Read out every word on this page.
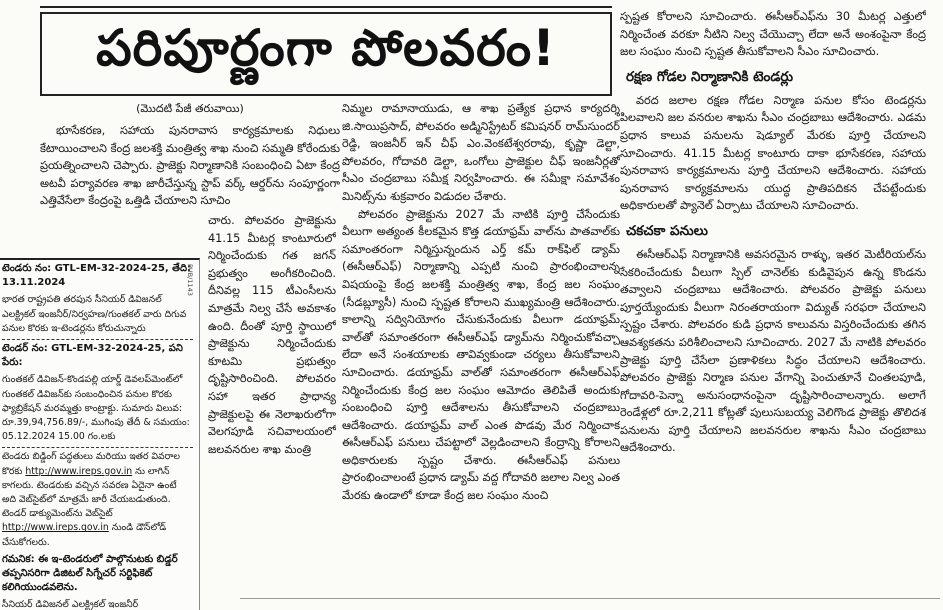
పరిపూర్ణంగా పోలవరం!
(మొదటి పేజీ తరువాయి)

భూసేకరణ, సహాయ పునరావాస కార్యక్రమాలకు నిధులు కేటాయించాలని కేంద్ర జలశక్తి మంత్రిత్వ శాఖ నుంచి సమ్మతి కోరేందుకు ప్రయత్నించాలని చెప్పారు. ప్రాజెక్టు నిర్మాణానికి సంబంధించి ఏటా కేంద్ర అటవీ పర్యావరణ శాఖ జారీచేస్తున్న స్టాప్ వర్క్ ఆర్డర్‌ను సంపూర్ణంగా ఎత్తివేసేలా కేంద్రంపై ఒత్తిడి చేయాలని సూచిం

చారు. పోలవరం ప్రాజెక్టును 41.15 మీటర్ల కాంటూరులో నిర్మించేందుకు గత జగన్ ప్రభుత్వం అంగీకరించింది. దీనివల్ల 115 టీఎంసీలను మాత్రమే నిల్వ చేసే అవకాశం ఉంది. దీంతో పూర్తి స్థాయిలో ప్రాజెక్టును నిర్మించేందుకు కూటమి ప్రభుత్వం దృష్టిసారించింది. పోలవరం సహా ఇతర ప్రాధాన్య ప్రాజెక్టులపై ఈ నెలాఖరులోగా వెలగపూడి సచివాలయంలో జలవనరుల శాఖ మంత్రి

PUB/1143

టెండరు నం: GTL-EM-32-2024-25, తేది: 13.11.2024

భారత రాష్ట్రపతి తరపున సీనియర్ డివిజనల్ ఎలక్ట్రికల్ ఇంజనీర్/నిర్వహణ/గుంతకల్ వారు దిగువ పనుల కొరకు ఇ-టెండర్లను కోరుచున్నారు

టెండర్ నం: GTL-EM-32-2024-25, పని పేరు:

గుంతకల్ డివిజన్-కొండపల్లి యార్డ్ డెవలప్‌మెంట్‌లో గుంతకల్ డివిజన్‌కు సంబంధించిన పనుల కొరకు ఫ్యాబ్రికేషన్ మరమ్మత్తు కాంట్రాక్టు. సుమారు విలువ: రూ.39,94,756.89/-, ముగింపు తేదీ & సమయం: 05.12.2024 15.00 గం.లకు

టెండరు బిడ్డింగ్ పద్ధతులు మరియు ఇతర వివరాల కొరకు http://www.ireps.gov.in ను లాగిన్ కాగలరు. టెండరుకు వచ్చిన సవరణ ఏదైనా ఉంటే అది వెబ్‌సైట్‌లో మాత్రమే జారీ చేయబడుతుంది. టెండర్ డాక్యుమెంట్‌ను వెబ్‌సైట్ http://www.ireps.gov.in నుండి డౌన్‌లోడ్ చేసుకోగలరు.

గమనిక: ఈ ఇ-టెండరులో పాల్గొనుటకు బిడ్డర్ తప్పనిసరిగా డిజిటల్ సిగ్నేచర్ సర్టిఫికెట్ కలిగియుండవలెను.

సీనియర్ డివిజనల్ ఎలక్ట్రికల్ ఇంజనీర్

నిమ్మల రామానాయుడు, ఆ శాఖ ప్రత్యేక ప్రధాన కార్యదర్శి జి.సాయిప్రసాద్, పోలవరం అడ్మినిస్ట్రేటర్ కమిషనర్ రామ్‌సుందర్ రెడ్డి, ఇంజనీర్ ఇన్ చీఫ్ ఎం.వెంకటేశ్వరరావు, కృష్ణా డెల్టా, పోలవరం, గోదావరి డెల్టా, ఒంగోలు ప్రాజెక్టుల చీఫ్ ఇంజనీర్లతో సీఎం చంద్రబాబు సమీక్ష నిర్వహించారు. ఈ సమీక్షా సమావేశం మినిట్స్‌ను శుక్రవారం విడుదల చేశారు.

పోలవరం ప్రాజెక్టును 2027 మే నాటికి పూర్తి చేసేందుకు వీలుగా అత్యంత కీలకమైన కొత్త డయాఫ్రమ్ వాల్‌ను పాతవాల్‌కు సమాంతరంగా నిర్మిస్తున్నందున ఎర్త్ కమ్ రాక్‌ఫిల్ డ్యామ్ (ఈసీఆర్‌ఎఫ్) నిర్మాణాన్ని ఎప్పటి నుంచి ప్రారంభించాలన్న విషయంపై కేంద్ర జలశక్తి మంత్రిత్వ శాఖ, కేంద్ర జల సంఘం (సీడబ్ల్యూసీ) నుంచి స్పష్టత కోరాలని ముఖ్యమంత్రి ఆదేశించారు. కాలాన్ని సద్వినియోగం చేసుకునేందుకు వీలుగా డయాఫ్రమ్ వాల్‌తో సమాంతరంగా ఈసీఆర్‌ఎఫ్ డ్యామ్‌ను నిర్మించుకోవచ్చా లేదా అనే సంశయాలకు తావివ్వకుండా చర్యలు తీసుకోవాలని సూచించారు. డయాఫ్రమ్ వాల్‌తో సమాంతరంగా ఈసీఆర్‌ఎఫ్ నిర్మించేందుకు కేంద్ర జల సంఘం ఆమోదం తెలిపితే అందుకు సంబంధించి పూర్తి ఆదేశాలను తీసుకోవాలని చంద్రబాబు ఆదేశించారు. డయాఫ్రమ్ వాల్ ఎంత పొడవు మేర నిర్మించాక ఈసీఆర్‌ఎఫ్ పనులు చేపట్టాలో వెల్లడించాలని కేంద్రాన్ని కోరాలని అధికారులకు స్పష్టం చేశారు. ఈసీఆర్‌ఎఫ్ పనులు ప్రారంభించాలంటే ప్రధాన డ్యామ్ వద్ద గోదావరి జలాల నిల్వ ఎంత మేరకు ఉండాలో కూడా కేంద్ర జల సంఘం నుంచి

స్పష్టత కోరాలని సూచించారు. ఈసీఆర్‌ఎఫ్‌ను 30 మీటర్ల ఎత్తులో నిర్మించేంత వరకూ నీటిని నిల్వ చేయొచ్చా లేదా అనే అంశంపైనా కేంద్ర జల సంఘం నుంచి స్పష్టత తీసుకోవాలని సీఎం సూచించారు.

రక్షణ గోడల నిర్మాణానికి టెండర్లు

వరద జలాల రక్షణ గోడల నిర్మాణ పనుల కోసం టెండర్లను పిలవాలని జల వనరుల శాఖను సీఎం చంద్రబాబు ఆదేశించారు. ఎడమ ప్రధాన కాలువ పనులను షెడ్యూల్ మేరకు పూర్తి చేయాలని సూచించారు. 41.15 మీటర్ల కాంటూరు దాకా భూసేకరణ, సహాయ పునరావాస కార్యక్రమాలను పూర్తి చేయాలని ఆదేశించారు. సహాయ పునరావాస కార్యక్రమాలను యుద్ధ ప్రాతిపదికన చేపట్టేందుకు అధికారులతో ప్యానెల్ ఏర్పాటు చేయాలని సూచించారు.

చకచకా పనులు

ఈసీఆర్‌ఎఫ్ నిర్మాణానికి అవసరమైన రాళ్ళు, ఇతర మెటీరియల్‌ను సేకరించేందుకు వీలుగా స్పిల్ చానెల్‌కు కుడివైపున ఉన్న కొండను తవ్వాలని చంద్రబాబు ఆదేశించారు. పోలవరం ప్రాజెక్టు పనులు పూర్తయ్యేందుకు వీలుగా నిరంతరాయంగా విద్యుత్ సరఫరా చేయాలని స్పష్టం చేశారు. పోలవరం కుడి ప్రధాన కాలువను విస్తరించేందుకు తగిన ఆవశ్యకతను పరిశీలించాలని సూచించారు. 2027 మే నాటికి పోలవరం ప్రాజెక్టు పూర్తి చేసేలా ప్రణాళికలు సిద్ధం చేయాలని ఆదేశించారు. పోలవరం ప్రాజెక్టు నిర్మాణ పనుల వేగాన్ని పెంచుతూనే చింతలపూడి, గోదావరి-పెన్నా అనుసంధానంపైనా దృష్టిసారించాలన్నారు. అలాగే రెండేళ్లలో రూ.2,211 కోట్లతో పులుసుబయ్య వెలిగొండ ప్రాజెక్టు తొలిదశ పనులను పూర్తి చేయాలని జలవనరుల శాఖను సీఎం చంద్రబాబు ఆదేశించారు.
